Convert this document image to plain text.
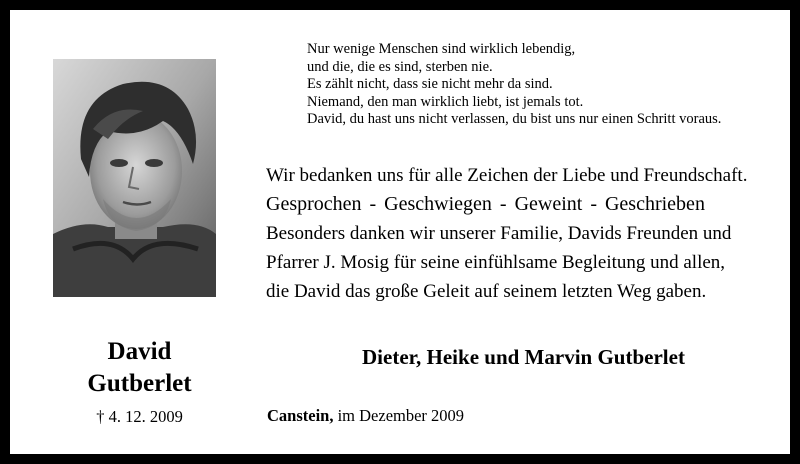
Nur wenige Menschen sind wirklich lebendig,
und die, die es sind, sterben nie.
Es zählt nicht, dass sie nicht mehr da sind.
Niemand, den man wirklich liebt, ist jemals tot.
David, du hast uns nicht verlassen, du bist uns nur einen Schritt voraus.
Wir bedanken uns für alle Zeichen der Liebe und Freundschaft.
Gesprochen - Geschwiegen - Geweint - Geschrieben
Besonders danken wir unserer Familie, Davids Freunden und
Pfarrer J. Mosig für seine einfühlsame Begleitung und allen,
die David das große Geleit auf seinem letzten Weg gaben.
David
Gutberlet
† 4. 12. 2009
Dieter, Heike und Marvin Gutberlet
Canstein, im Dezember 2009
